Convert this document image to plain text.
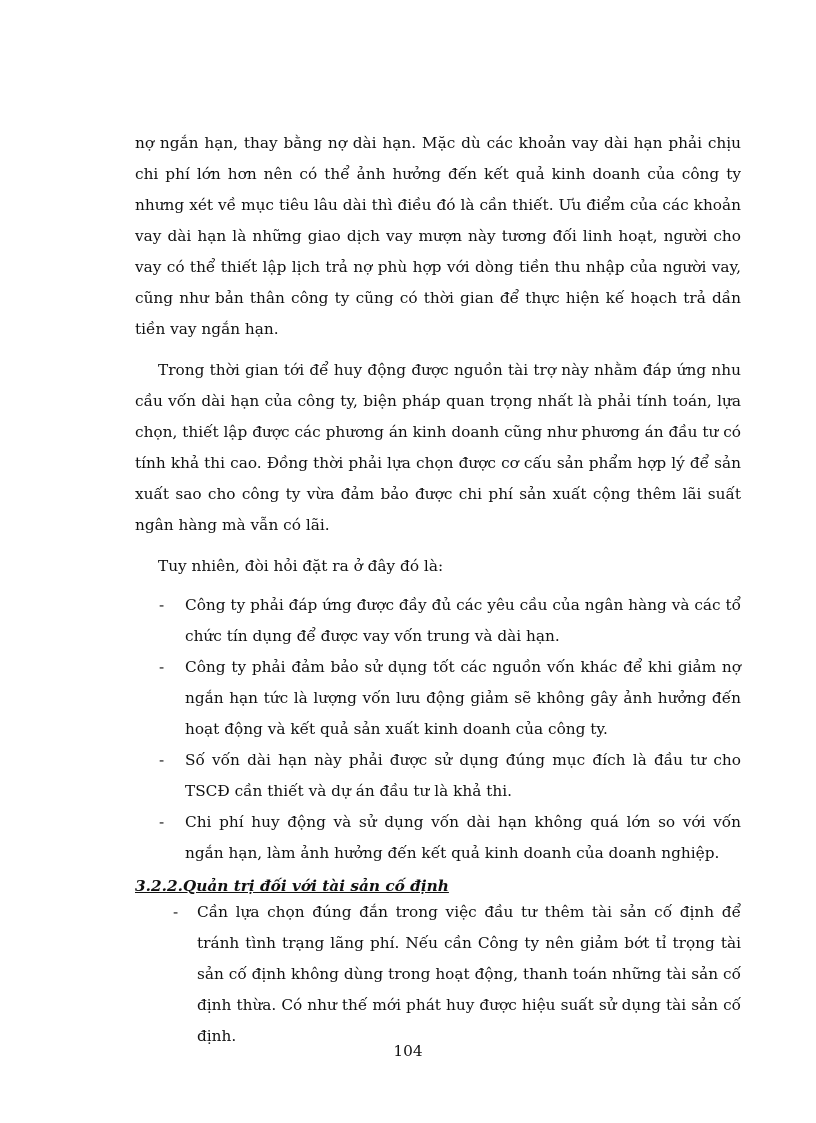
nợ ngắn hạn, thay bằng nợ dài hạn. Mặc dù các khoản vay dài hạn phải chịu chi phí lớn hơn nên có thể ảnh hưởng đến kết quả kinh doanh của công ty nhưng xét về mục tiêu lâu dài thì điều đó là cần thiết. Ưu điểm của các khoản vay dài hạn là những giao dịch vay mượn này tương đối linh hoạt, người cho vay có thể thiết lập lịch trả nợ phù hợp với dòng tiền thu nhập của người vay, cũng như bản thân công ty cũng có thời gian để thực hiện kế hoạch trả dần tiền vay ngắn hạn.

Trong thời gian tới để huy động được nguồn tài trợ này nhằm đáp ứng nhu cầu vốn dài hạn của công ty, biện pháp quan trọng nhất là phải tính toán, lựa chọn, thiết lập được các phương án kinh doanh cũng như phương án đầu tư có tính khả thi cao. Đồng thời phải lựa chọn được cơ cấu sản phẩm hợp lý để sản xuất sao cho công ty vừa đảm bảo được chi phí sản xuất cộng thêm lãi suất ngân hàng mà vẫn có lãi.

Tuy nhiên, đòi hỏi đặt ra ở đây đó là:

- Công ty phải đáp ứng được đầy đủ các yêu cầu của ngân hàng và các tổ chức tín dụng để được vay vốn trung và dài hạn.
- Công ty phải đảm bảo sử dụng tốt các nguồn vốn khác để khi giảm nợ ngắn hạn tức là lượng vốn lưu động giảm sẽ không gây ảnh hưởng đến hoạt động và kết quả sản xuất kinh doanh của công ty.
- Số vốn dài hạn này phải được sử dụng đúng mục đích là đầu tư cho TSCĐ cần thiết và dự án đầu tư là khả thi.
- Chi phí huy động và sử dụng vốn dài hạn không quá lớn so với vốn ngắn hạn, làm ảnh hưởng đến kết quả kinh doanh của doanh nghiệp.
3.2.2.Quản trị đối với tài sản cố định
- Cần lựa chọn đúng đắn trong việc đầu tư thêm tài sản cố định để tránh tình trạng lãng phí. Nếu cần Công ty nên giảm bớt tỉ trọng tài sản cố định không dùng trong hoạt động, thanh toán những tài sản cố định thừa. Có như thế mới phát huy được hiệu suất sử dụng tài sản cố định.
104
